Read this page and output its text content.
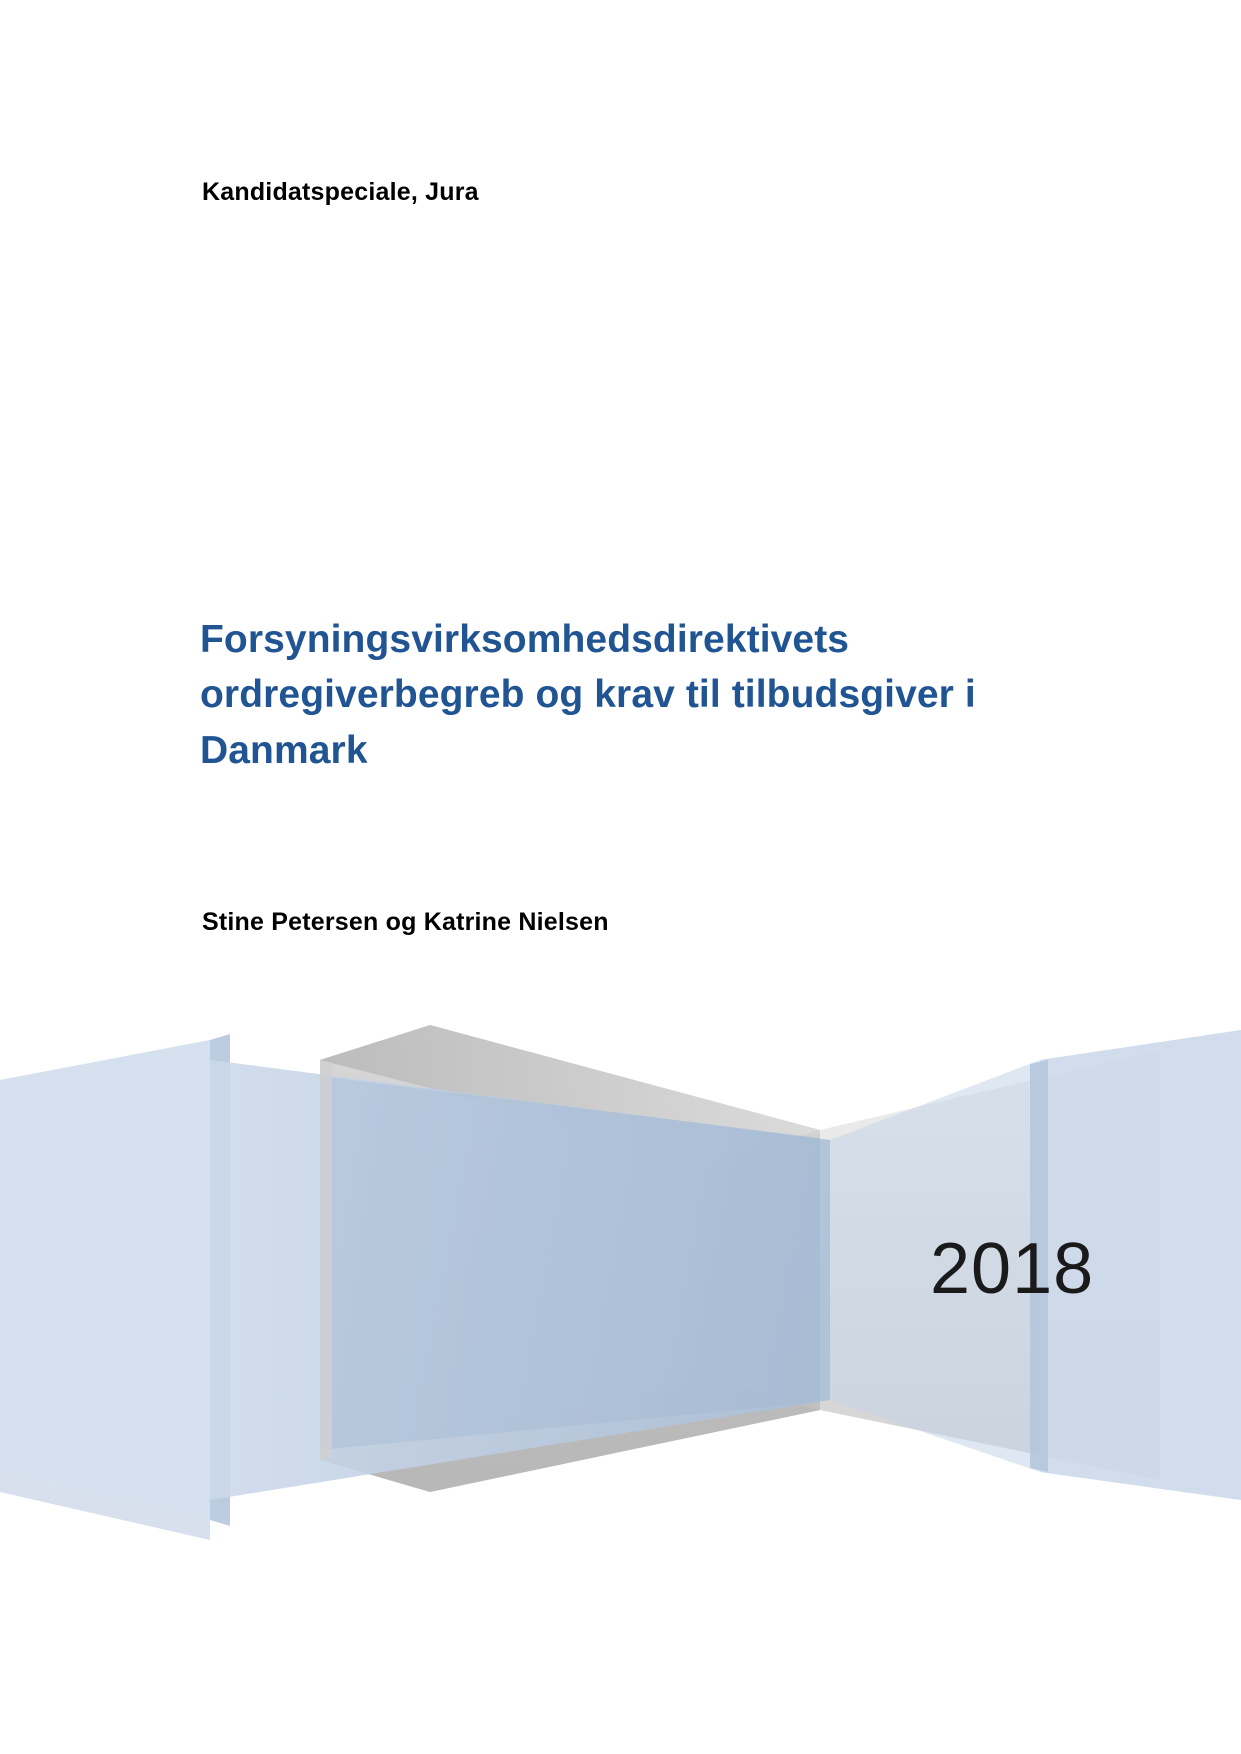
Kandidatspeciale, Jura
Forsyningsvirksomhedsdirektivets ordregiverbegreb og krav til tilbudsgiver i Danmark
Stine Petersen og Katrine Nielsen
2018
